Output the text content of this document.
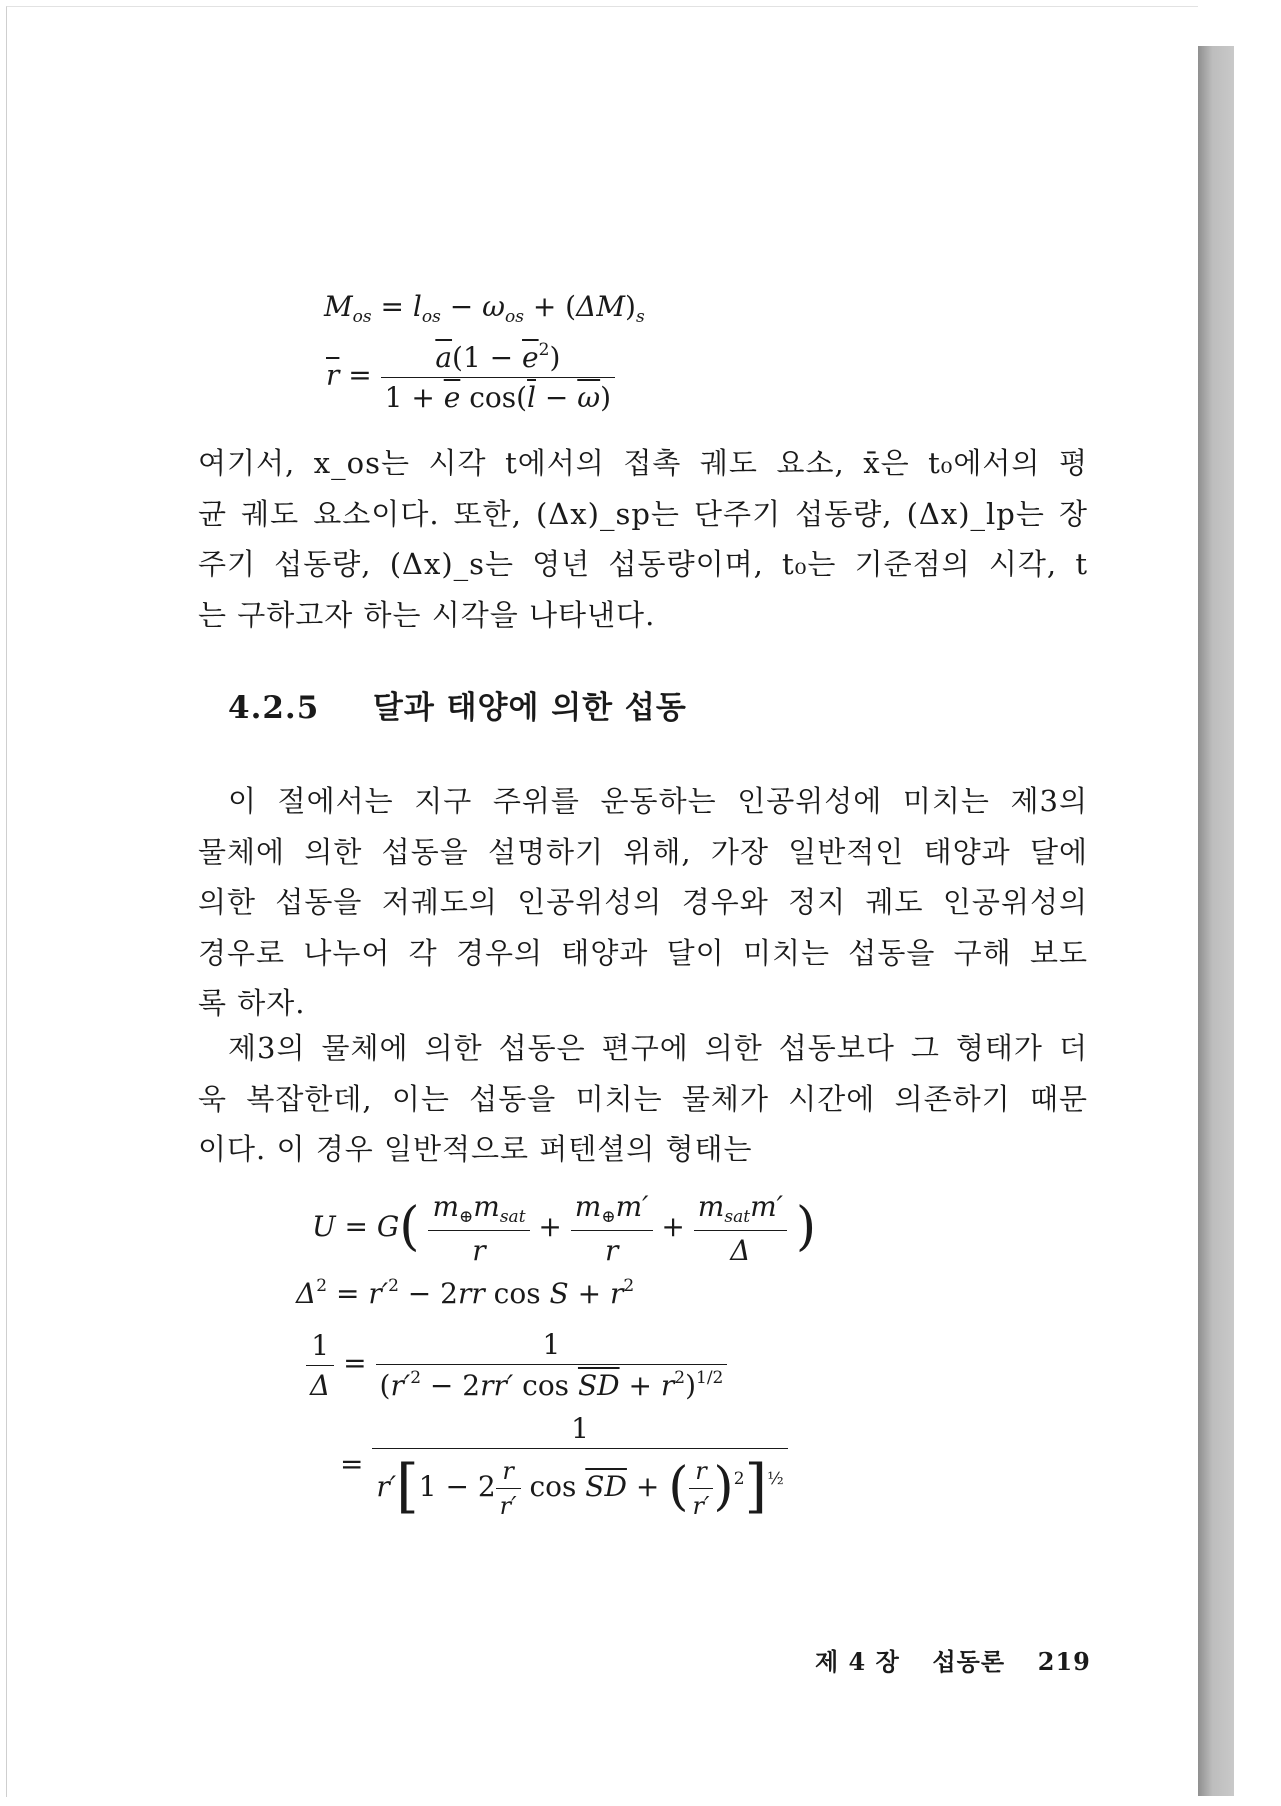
$M_{os} = l_{os} - \omega_{os} + (\Delta M)_s$
$\overline{r} = \frac{\overline{a}(1 - \overline{e}^2)}{1 + \overline{e} \cos(\overline{l} - \overline{\omega})}$
여기서, x_os는 시각 t에서의 접촉 궤도 요소, x̄은 t₀에서의 평
균 궤도 요소이다. 또한, (Δx)_sp는 단주기 섭동량, (Δx)_lp는 장
주기 섭동량, (Δx)_s는 영년 섭동량이며, t₀는 기준점의 시각, t
는 구하고자 하는 시각을 나타낸다.
4.2.5 달과 태양에 의한 섭동
이 절에서는 지구 주위를 운동하는 인공위성에 미치는 제3의
물체에 의한 섭동을 설명하기 위해, 가장 일반적인 태양과 달에
의한 섭동을 저궤도의 인공위성의 경우와 정지 궤도 인공위성의
경우로 나누어 각 경우의 태양과 달이 미치는 섭동을 구해 보도
록 하자.
제3의 물체에 의한 섭동은 편구에 의한 섭동보다 그 형태가 더
욱 복잡한데, 이는 섭동을 미치는 물체가 시간에 의존하기 때문
이다. 이 경우 일반적으로 퍼텐셜의 형태는
$U = G( \frac{m_\oplus m_{sat}}{r} + \frac{m_\oplus m'}{r} + \frac{m_{sat}m'}{\Delta}$ )
$\Delta^2 = r'^2 - 2rr$ $\cos S + r^2$
$\frac{1}{\Delta} = \frac{1}{(r'^2 - 2rr' \cos \overline{SD} + r^2)^{1/2}}$
= $\frac{1}{r'[1 - 2 \frac{r}{r'} \cos \overline{SD} + ( \frac{r}{r'} )^2]^{\frac{1}{2}}}$
제 4 장 섭동론 219
